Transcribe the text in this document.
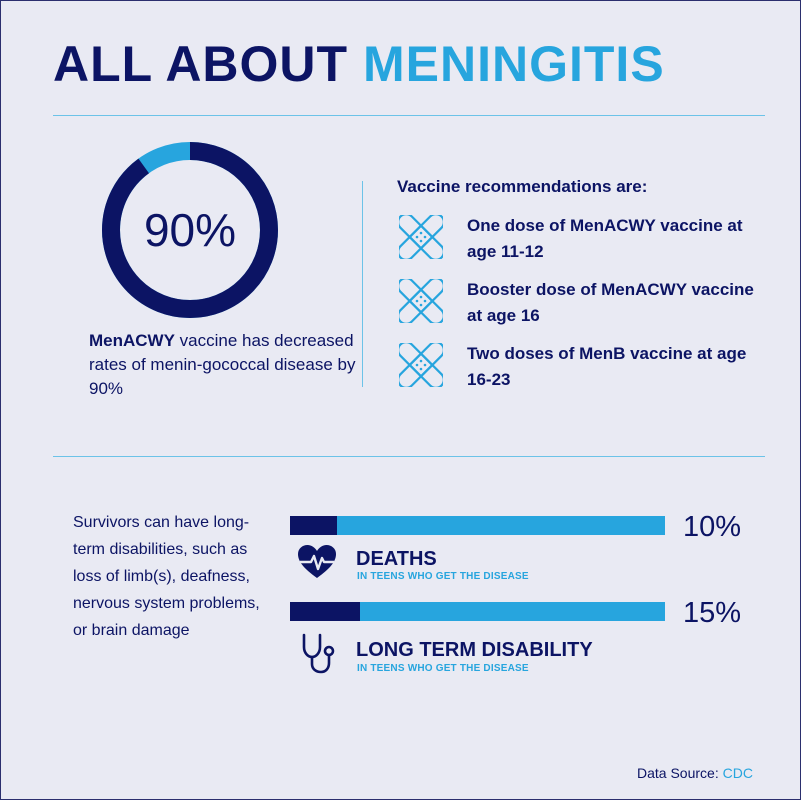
ALL ABOUT MENINGITIS
90%
MenACWY vaccine has decreased rates of menin-gococcal disease by 90%
Vaccine recommendations are:
One dose of MenACWY vaccine at age 11-12
Booster dose of MenACWY vaccine at age 16
Two doses of MenB vaccine at age 16-23
Survivors can have long-term disabilities, such as loss of limb(s), deafness, nervous system problems, or brain damage
10%
DEATHS
IN TEENS WHO GET THE DISEASE
15%
LONG TERM DISABILITY
IN TEENS WHO GET THE DISEASE
Data Source: CDC
